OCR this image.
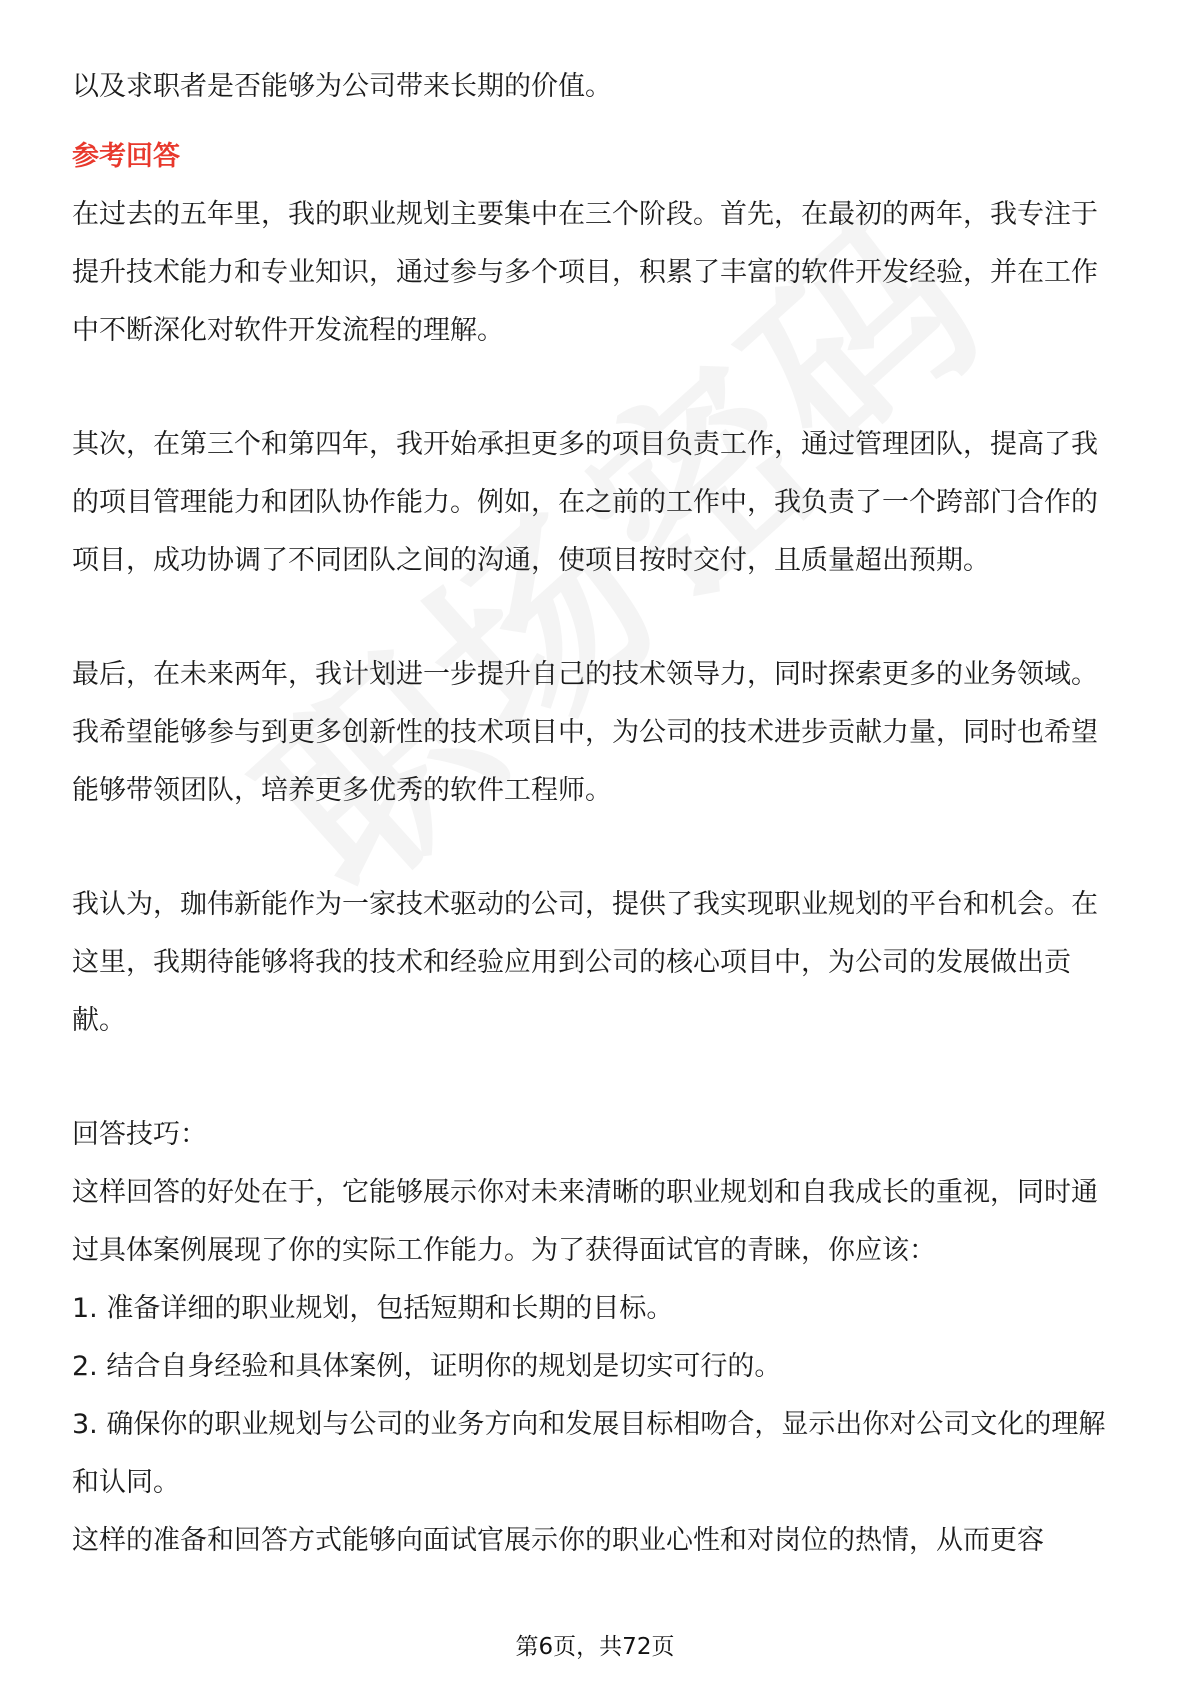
以及求职者是否能够为公司带来长期的价值。

参考回答

在过去的五年里，我的职业规划主要集中在三个阶段。首先，在最初的两年，我专注于提升技术能力和专业知识，通过参与多个项目，积累了丰富的软件开发经验，并在工作中不断深化对软件开发流程的理解。

其次，在第三个和第四年，我开始承担更多的项目负责工作，通过管理团队，提高了我的项目管理能力和团队协作能力。例如，在之前的工作中，我负责了一个跨部门合作的项目，成功协调了不同团队之间的沟通，使项目按时交付，且质量超出预期。

最后，在未来两年，我计划进一步提升自己的技术领导力，同时探索更多的业务领域。我希望能够参与到更多创新性的技术项目中，为公司的技术进步贡献力量，同时也希望能够带领团队，培养更多优秀的软件工程师。

我认为，珈伟新能作为一家技术驱动的公司，提供了我实现职业规划的平台和机会。在这里，我期待能够将我的技术和经验应用到公司的核心项目中，为公司的发展做出贡献。

回答技巧：

这样回答的好处在于，它能够展示你对未来清晰的职业规划和自我成长的重视，同时通过具体案例展现了你的实际工作能力。为了获得面试官的青睐，你应该：

1. 准备详细的职业规划，包括短期和长期的目标。

2. 结合自身经验和具体案例，证明你的规划是切实可行的。

3. 确保你的职业规划与公司的业务方向和发展目标相吻合，显示出你对公司文化的理解和认同。

这样的准备和回答方式能够向面试官展示你的职业心性和对岗位的热情，从而更容

第6页，共72页
